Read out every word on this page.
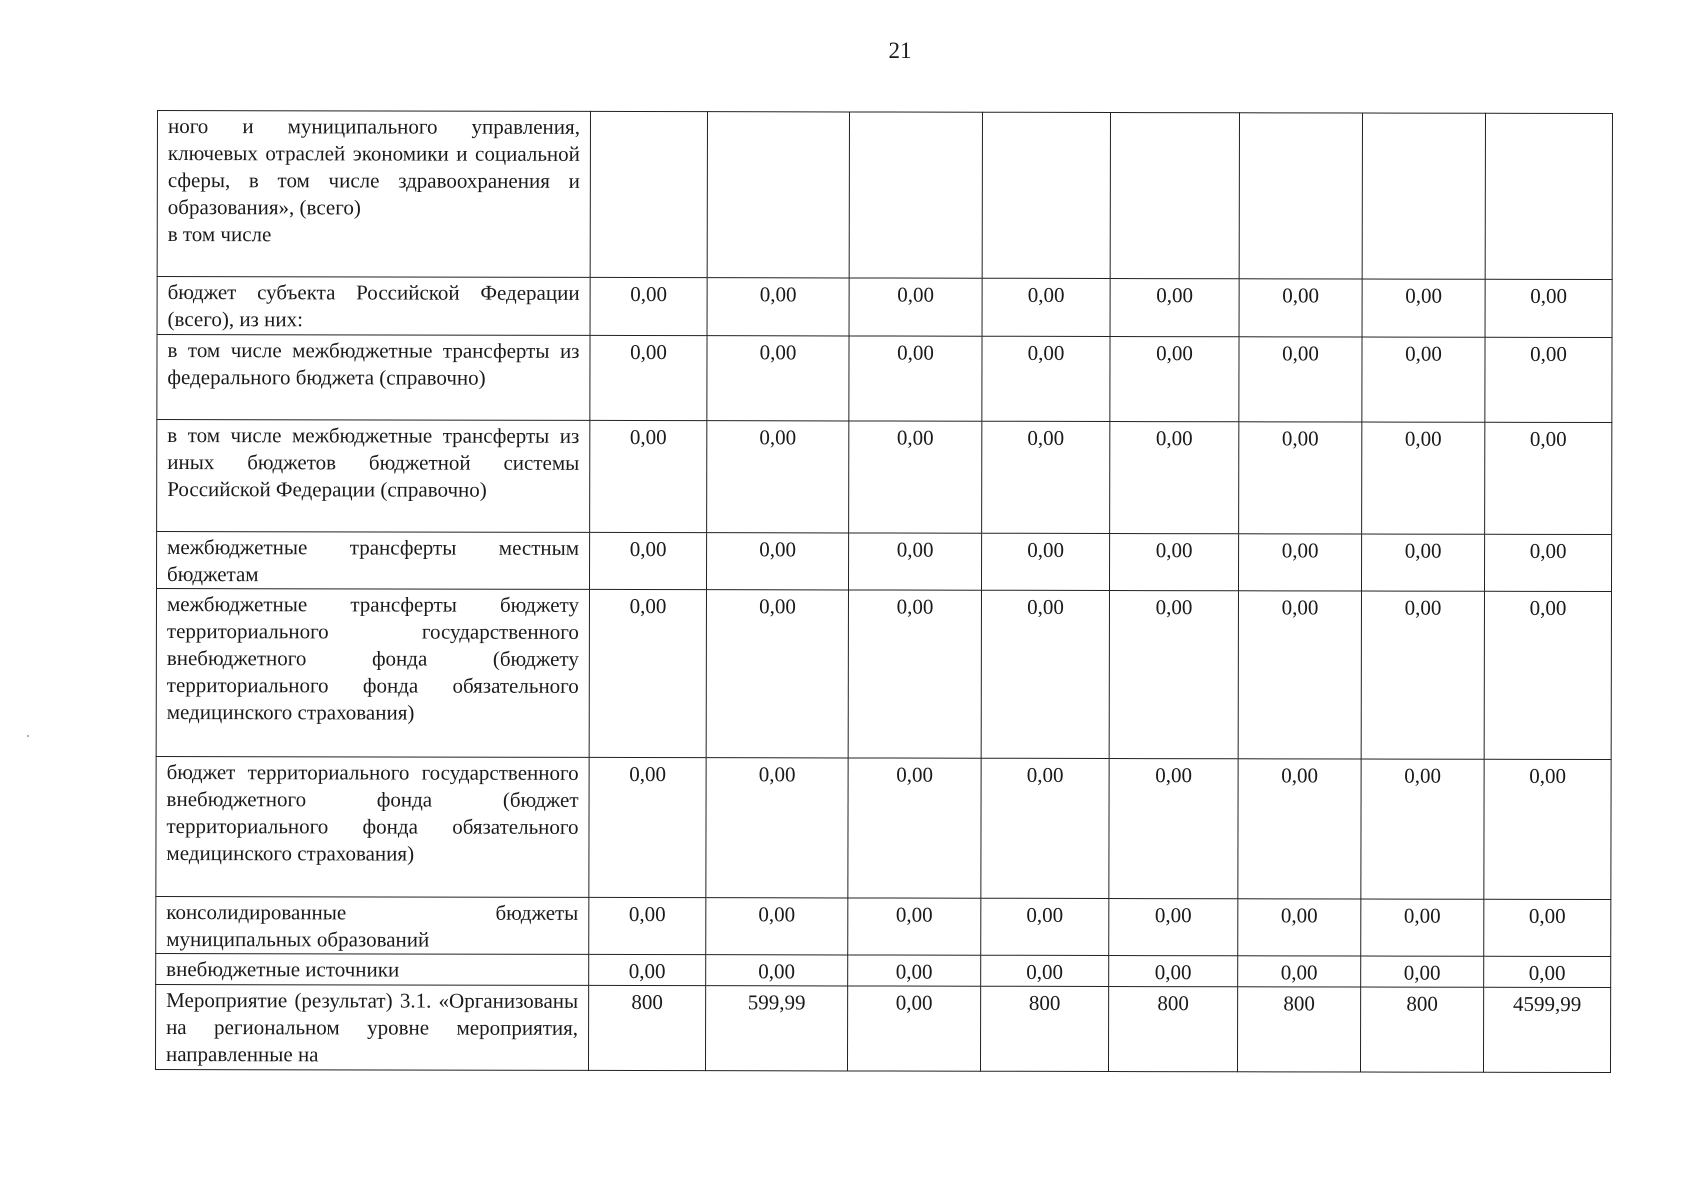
21
ного и муниципального управления, ключевых отраслей экономики и социальной сферы, в том числе здравоохранения и образования», (всего)
в том числе								

бюджет субъекта Российской Федерации (всего), из них:	0,00	0,00	0,00	0,00	0,00	0,00	0,00	0,00
в том числе межбюджетные трансферты из федерального бюджета (справочно)	0,00	0,00	0,00	0,00	0,00	0,00	0,00	0,00
в том числе межбюджетные трансферты из иных бюджетов бюджетной системы Российской Федерации (справочно)	0,00	0,00	0,00	0,00	0,00	0,00	0,00	0,00
межбюджетные трансферты местным бюджетам	0,00	0,00	0,00	0,00	0,00	0,00	0,00	0,00
межбюджетные трансферты бюджету территориального государственного внебюджетного фонда (бюджету территориального фонда обязательного медицинского страхования)	0,00	0,00	0,00	0,00	0,00	0,00	0,00	0,00
бюджет территориального государственного внебюджетного фонда (бюджет территориального фонда обязательного медицинского страхования)	0,00	0,00	0,00	0,00	0,00	0,00	0,00	0,00
консолидированные бюджеты муниципальных образований	0,00	0,00	0,00	0,00	0,00	0,00	0,00	0,00
внебюджетные источники	0,00	0,00	0,00	0,00	0,00	0,00	0,00	0,00
Мероприятие (результат) 3.1. «Организованы на региональном уровне мероприятия, направленные на	800	599,99	0,00	800	800	800	800	4599,99
